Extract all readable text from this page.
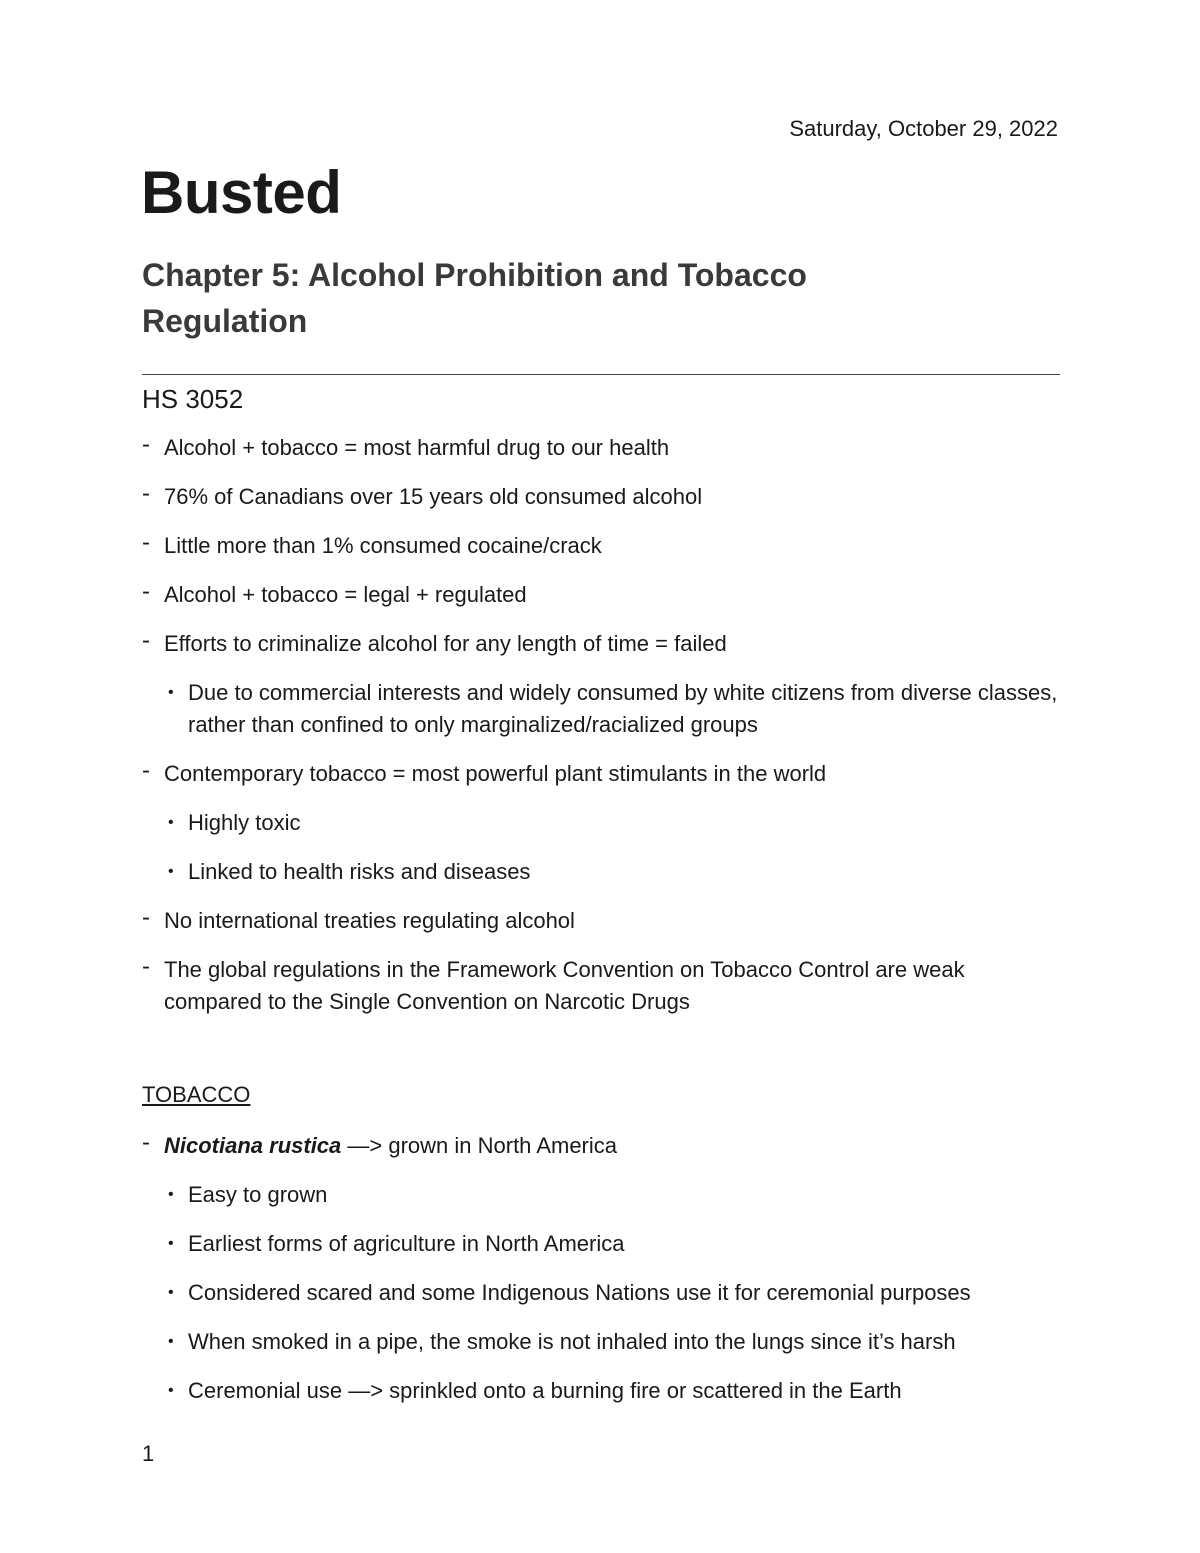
Saturday, October 29, 2022
Busted
Chapter 5: Alcohol Prohibition and Tobacco Regulation
HS 3052
- Alcohol + tobacco = most harmful drug to our health
- 76% of Canadians over 15 years old consumed alcohol
- Little more than 1% consumed cocaine/crack
- Alcohol + tobacco = legal + regulated
- Efforts to criminalize alcohol for any length of time = failed
• Due to commercial interests and widely consumed by white citizens from diverse classes, rather than confined to only marginalized/racialized groups
- Contemporary tobacco = most powerful plant stimulants in the world
• Highly toxic
• Linked to health risks and diseases
- No international treaties regulating alcohol
- The global regulations in the Framework Convention on Tobacco Control are weak compared to the Single Convention on Narcotic Drugs
TOBACCO
- Nicotiana rustica —> grown in North America
• Easy to grown
• Earliest forms of agriculture in North America
• Considered scared and some Indigenous Nations use it for ceremonial purposes
• When smoked in a pipe, the smoke is not inhaled into the lungs since it’s harsh
• Ceremonial use —> sprinkled onto a burning fire or scattered in the Earth
1
